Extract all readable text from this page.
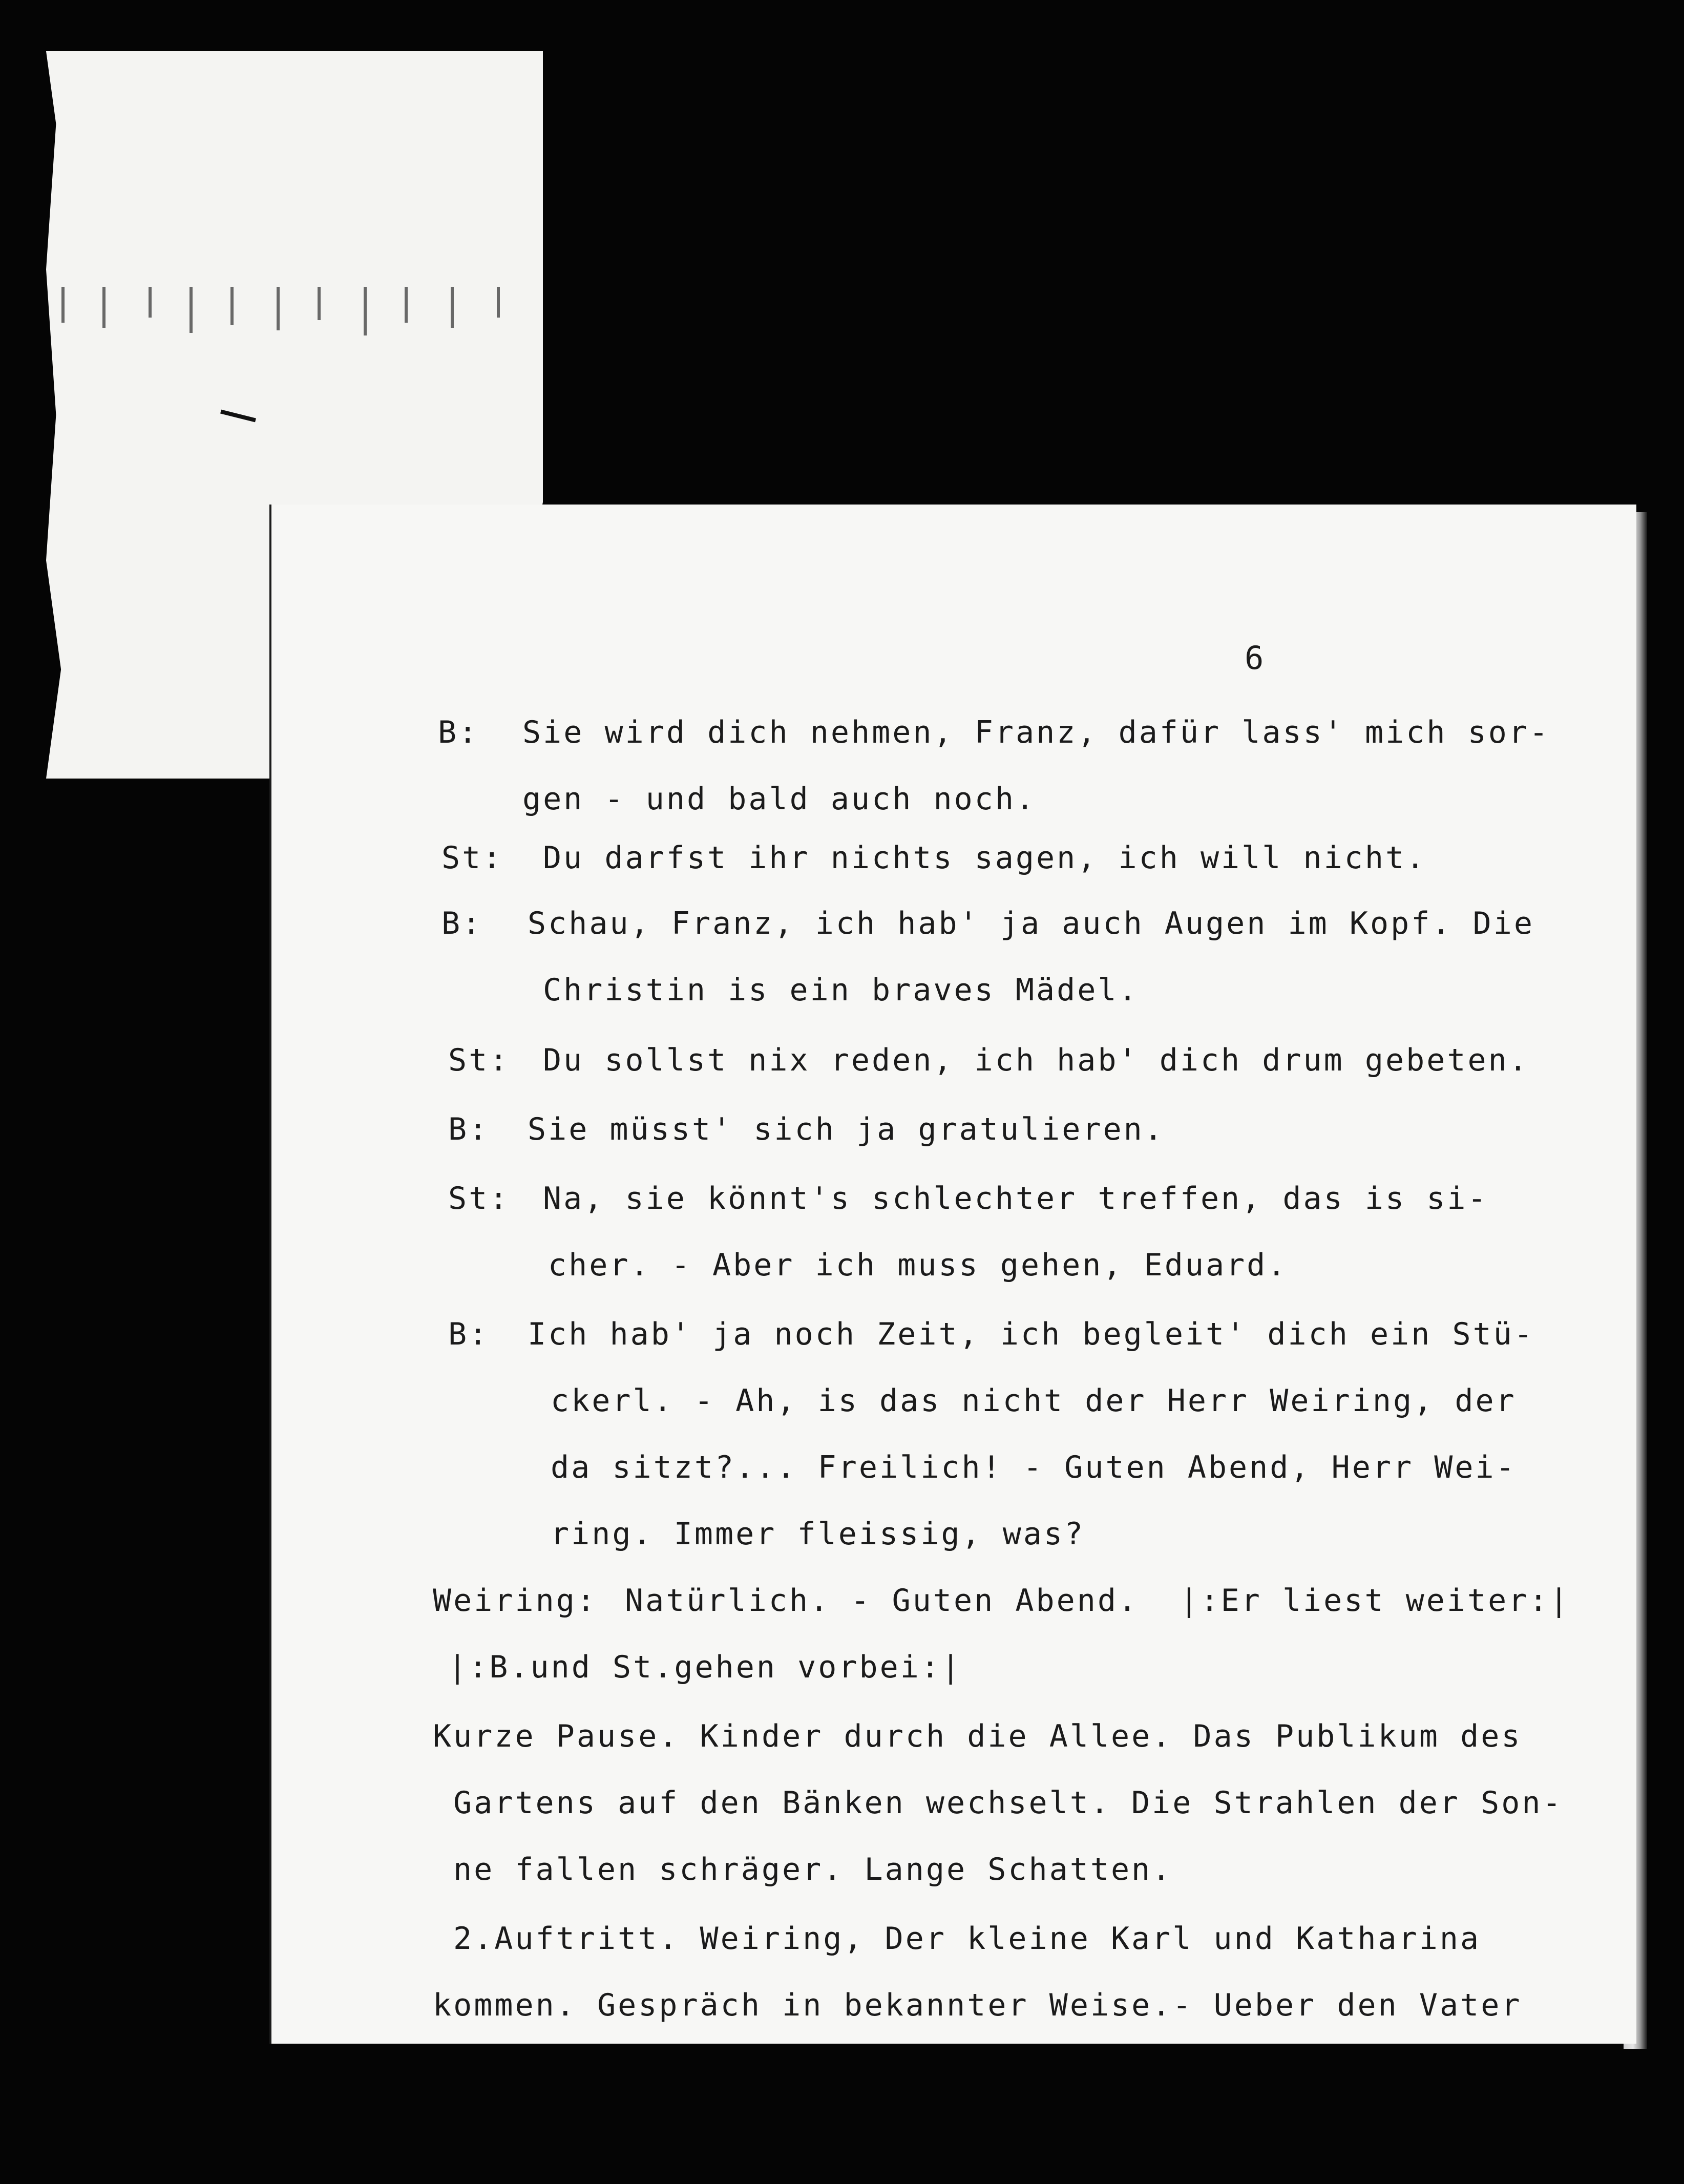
6
B: Sie wird dich nehmen, Franz, dafür lass' mich sor-
gen - und bald auch noch.
St: Du darfst ihr nichts sagen, ich will nicht.
B: Schau, Franz, ich hab' ja auch Augen im Kopf. Die
Christin is ein braves Mädel.
St: Du sollst nix reden, ich hab' dich drum gebeten.
B: Sie müsst' sich ja gratulieren.
St: Na, sie könnt's schlechter treffen, das is si-
cher. - Aber ich muss gehen, Eduard.
B: Ich hab' ja noch Zeit, ich begleit' dich ein Stü-
ckerl. - Ah, is das nicht der Herr Weiring, der
da sitzt?... Freilich! - Guten Abend, Herr Wei-
ring. Immer fleissig, was?
Weiring: Natürlich. - Guten Abend.  |:Er liest weiter:|
|:B.und St.gehen vorbei:|
Kurze Pause. Kinder durch die Allee. Das Publikum des
Gartens auf den Bänken wechselt. Die Strahlen der Son-
ne fallen schräger. Lange Schatten.
2.Auftritt. Weiring, Der kleine Karl und Katharina
kommen. Gespräch in bekannter Weise.- Ueber den Vater
